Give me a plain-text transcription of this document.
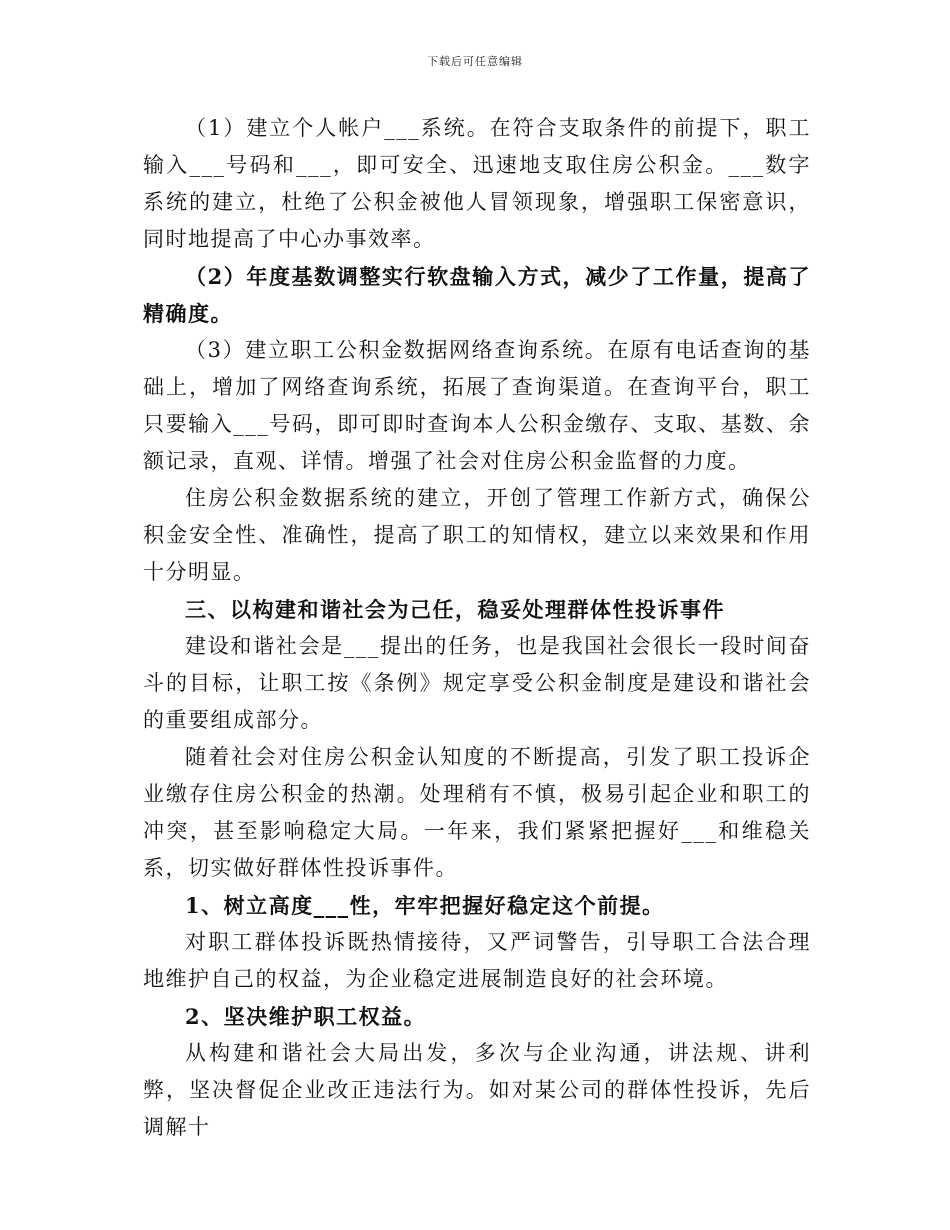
下载后可任意编辑

（1）建立个人帐户___系统。在符合支取条件的前提下，职工输入___号码和___，即可安全、迅速地支取住房公积金。___数字系统的建立，杜绝了公积金被他人冒领现象，增强职工保密意识，同时地提高了中心办事效率。

（2）年度基数调整实行软盘输入方式，减少了工作量，提高了精确度。

（3）建立职工公积金数据网络查询系统。在原有电话查询的基础上，增加了网络查询系统，拓展了查询渠道。在查询平台，职工只要输入___号码，即可即时查询本人公积金缴存、支取、基数、余额记录，直观、详情。增强了社会对住房公积金监督的力度。

住房公积金数据系统的建立，开创了管理工作新方式，确保公积金安全性、准确性，提高了职工的知情权，建立以来效果和作用十分明显。

三、以构建和谐社会为己任，稳妥处理群体性投诉事件

建设和谐社会是___提出的任务，也是我国社会很长一段时间奋斗的目标，让职工按《条例》规定享受公积金制度是建设和谐社会的重要组成部分。

随着社会对住房公积金认知度的不断提高，引发了职工投诉企业缴存住房公积金的热潮。处理稍有不慎，极易引起企业和职工的冲突，甚至影响稳定大局。一年来，我们紧紧把握好___和维稳关系，切实做好群体性投诉事件。

1、树立高度___性，牢牢把握好稳定这个前提。

对职工群体投诉既热情接待，又严词警告，引导职工合法合理地维护自己的权益，为企业稳定进展制造良好的社会环境。

2、坚决维护职工权益。

从构建和谐社会大局出发，多次与企业沟通，讲法规、讲利弊，坚决督促企业改正违法行为。如对某公司的群体性投诉，先后调解十
